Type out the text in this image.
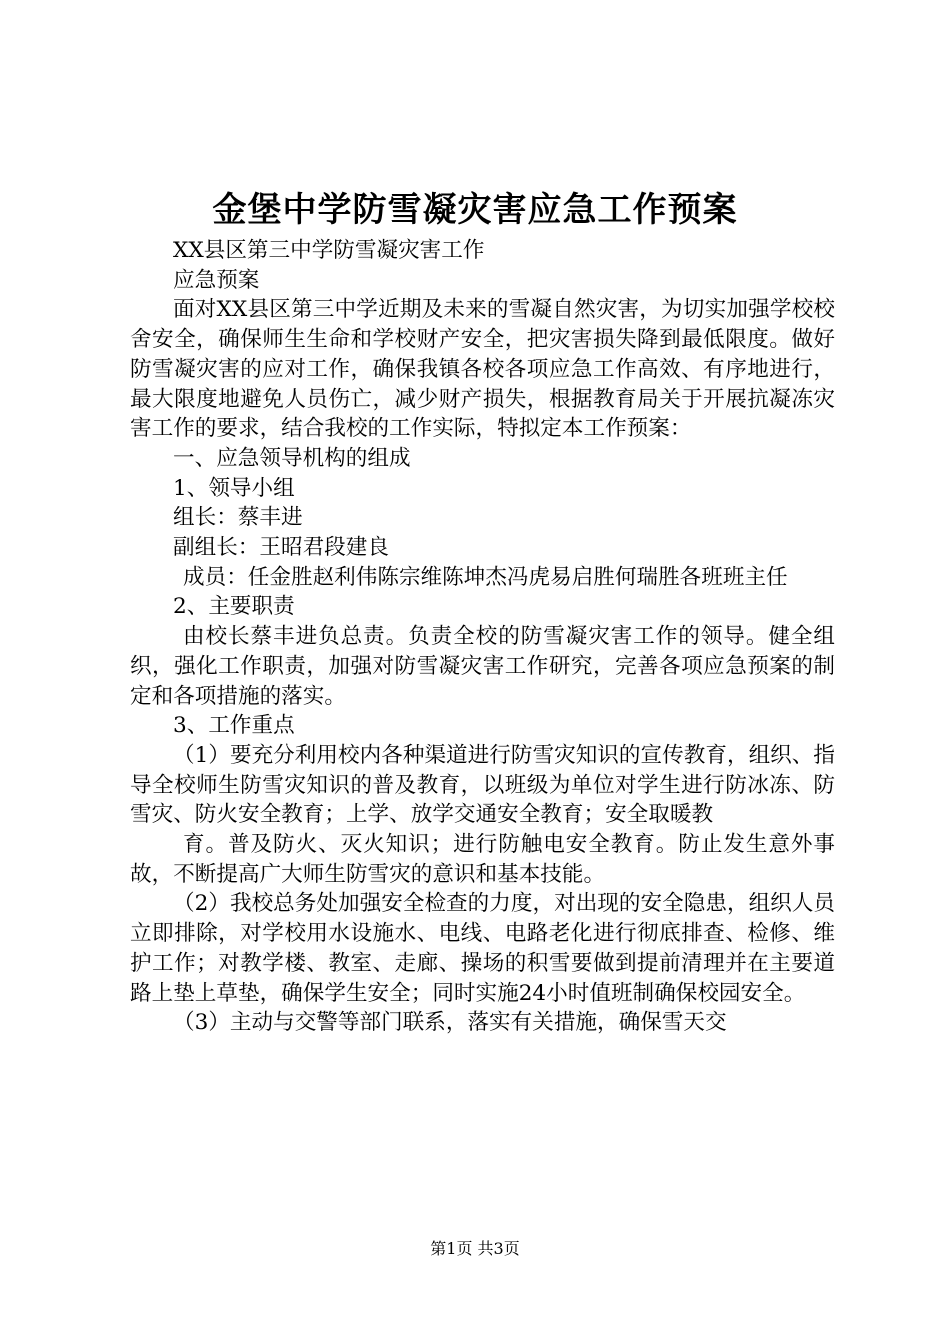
金堡中学防雪凝灾害应急工作预案

XX县区第三中学防雪凝灾害工作

应急预案

面对XX县区第三中学近期及未来的雪凝自然灾害，为切实加强学校校舍安全，确保师生生命和学校财产安全，把灾害损失降到最低限度。做好防雪凝灾害的应对工作，确保我镇各校各项应急工作高效、有序地进行，最大限度地避免人员伤亡，减少财产损失，根据教育局关于开展抗凝冻灾害工作的要求，结合我校的工作实际，特拟定本工作预案：

一、应急领导机构的组成

1、领导小组

组长：蔡丰进

副组长：王昭君段建良

成员：任金胜赵利伟陈宗维陈坤杰冯虎易启胜何瑞胜各班班主任

2、主要职责

由校长蔡丰进负总责。负责全校的防雪凝灾害工作的领导。健全组织，强化工作职责，加强对防雪凝灾害工作研究，完善各项应急预案的制定和各项措施的落实。

3、工作重点

（1）要充分利用校内各种渠道进行防雪灾知识的宣传教育，组织、指导全校师生防雪灾知识的普及教育，以班级为单位对学生进行防冰冻、防雪灾、防火安全教育；上学、放学交通安全教育；安全取暖教

育。普及防火、灭火知识；进行防触电安全教育。防止发生意外事故，不断提高广大师生防雪灾的意识和基本技能。

（2）我校总务处加强安全检查的力度，对出现的安全隐患，组织人员立即排除，对学校用水设施水、电线、电路老化进行彻底排查、检修、维护工作；对教学楼、教室、走廊、操场的积雪要做到提前清理并在主要道路上垫上草垫，确保学生安全；同时实施24小时值班制确保校园安全。

（3）主动与交警等部门联系，落实有关措施，确保雪天交

第1页 共3页
